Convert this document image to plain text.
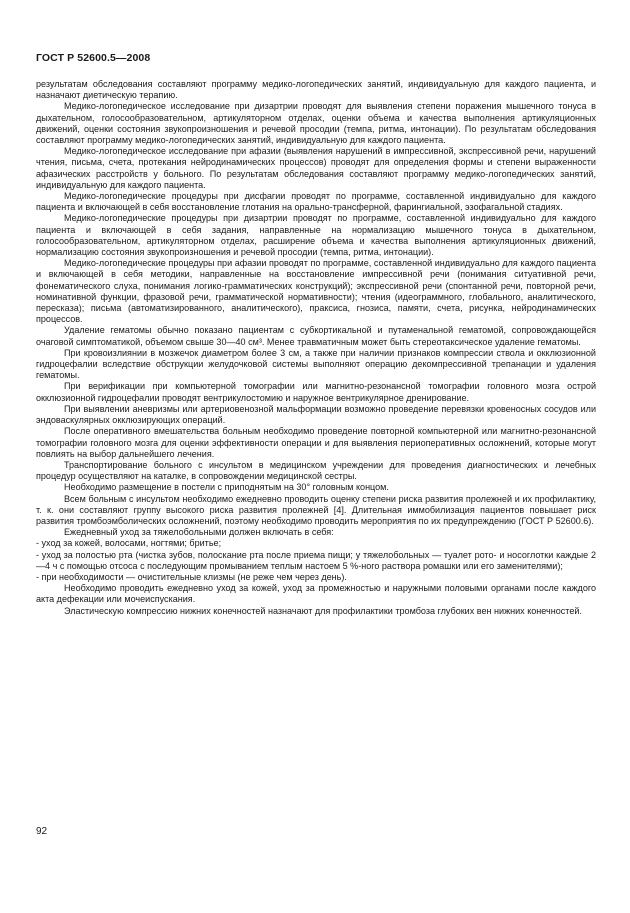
ГОСТ Р 52600.5—2008

результатам обследования составляют программу медико-логопедических занятий, индивидуальную для каждого пациента, и назначают диетическую терапию.

Медико-логопедическое исследование при дизартрии проводят для выявления степени поражения мышечного тонуса в дыхательном, голосообразовательном, артикуляторном отделах, оценки объема и качества выполнения артикуляционных движений, оценки состояния звукопроизношения и речевой просодии (темпа, ритма, интонации). По результатам обследования составляют программу медико-логопедических занятий, индивидуальную для каждого пациента.

Медико-логопедическое исследование при афазии (выявления нарушений в импрессивной, экспрессивной речи, нарушений чтения, письма, счета, протекания нейродинамических процессов) проводят для определения формы и степени выраженности афазических расстройств у больного. По результатам обследования составляют программу медико-логопедических занятий, индивидуальную для каждого пациента.

Медико-логопедические процедуры при дисфагии проводят по программе, составленной индивидуально для каждого пациента и включающей в себя восстановление глотания на орально-трансферной, фарингиальной, эзофагальной стадиях.

Медико-логопедические процедуры при дизартрии проводят по программе, составленной индивидуально для каждого пациента и включающей в себя задания, направленные на нормализацию мышечного тонуса в дыхательном, голосообразовательном, артикуляторном отделах, расширение объема и качества выполнения артикуляционных движений, нормализацию состояния звукопроизношения и речевой просодии (темпа, ритма, интонации).

Медико-логопедические процедуры при афазии проводят по программе, составленной индивидуально для каждого пациента и включающей в себя методики, направленные на восстановление импрессивной речи (понимания ситуативной речи, фонематического слуха, понимания логико-грамматических конструкций); экспрессивной речи (спонтанной речи, повторной речи, номинативной функции, фразовой речи, грамматической нормативности); чтения (идеограммного, глобального, аналитического, пересказа); письма (автоматизированного, аналитического), праксиса, гнозиса, памяти, счета, рисунка, нейродинамических процессов.

Удаление гематомы обычно показано пациентам с субкортикальной и путаменальной гематомой, сопровождающейся очаговой симптоматикой, объемом свыше 30—40 см³. Менее травматичным может быть стереотаксическое удаление гематомы.

При кровоизлиянии в мозжечок диаметром более 3 см, а также при наличии признаков компрессии ствола и окклюзионной гидроцефалии вследствие обструкции желудочковой системы выполняют операцию декомпрессивной трепанации и удаления гематомы.

При верификации при компьютерной томографии или магнитно-резонансной томографии головного мозга острой окклюзионной гидроцефалии проводят вентрикулостомию и наружное вентрикулярное дренирование.

При выявлении аневризмы или артериовенозной мальформации возможно проведение перевязки кровеносных сосудов или эндоваскулярных окклюзирующих операций.

После оперативного вмешательства больным необходимо проведение повторной компьютерной или магнитно-резонансной томографии головного мозга для оценки эффективности операции и для выявления периоперативных осложнений, которые могут повлиять на выбор дальнейшего лечения.

Транспортирование больного с инсультом в медицинском учреждении для проведения диагностических и лечебных процедур осуществляют на каталке, в сопровождении медицинской сестры.

Необходимо размещение в постели с приподнятым на 30° головным концом.

Всем больным с инсультом необходимо ежедневно проводить оценку степени риска развития пролежней и их профилактику, т. к. они составляют группу высокого риска развития пролежней [4]. Длительная иммобилизация пациентов повышает риск развития тромбоэмболических осложнений, поэтому необходимо проводить мероприятия по их предупреждению (ГОСТ Р 52600.6).

Ежедневный уход за тяжелобольными должен включать в себя:

- уход за кожей, волосами, ногтями; бритье;

- уход за полостью рта (чистка зубов, полоскание рта после приема пищи; у тяжелобольных — туалет рото- и носоглотки каждые 2—4 ч с помощью отсоса с последующим промыванием теплым настоем 5 %-ного раствора ромашки или его заменителями);

- при необходимости — очистительные клизмы (не реже чем через день).

Необходимо проводить ежедневно уход за кожей, уход за промежностью и наружными половыми органами после каждого акта дефекации или мочеиспускания.

Эластическую компрессию нижних конечностей назначают для профилактики тромбоза глубоких вен нижних конечностей.

92
